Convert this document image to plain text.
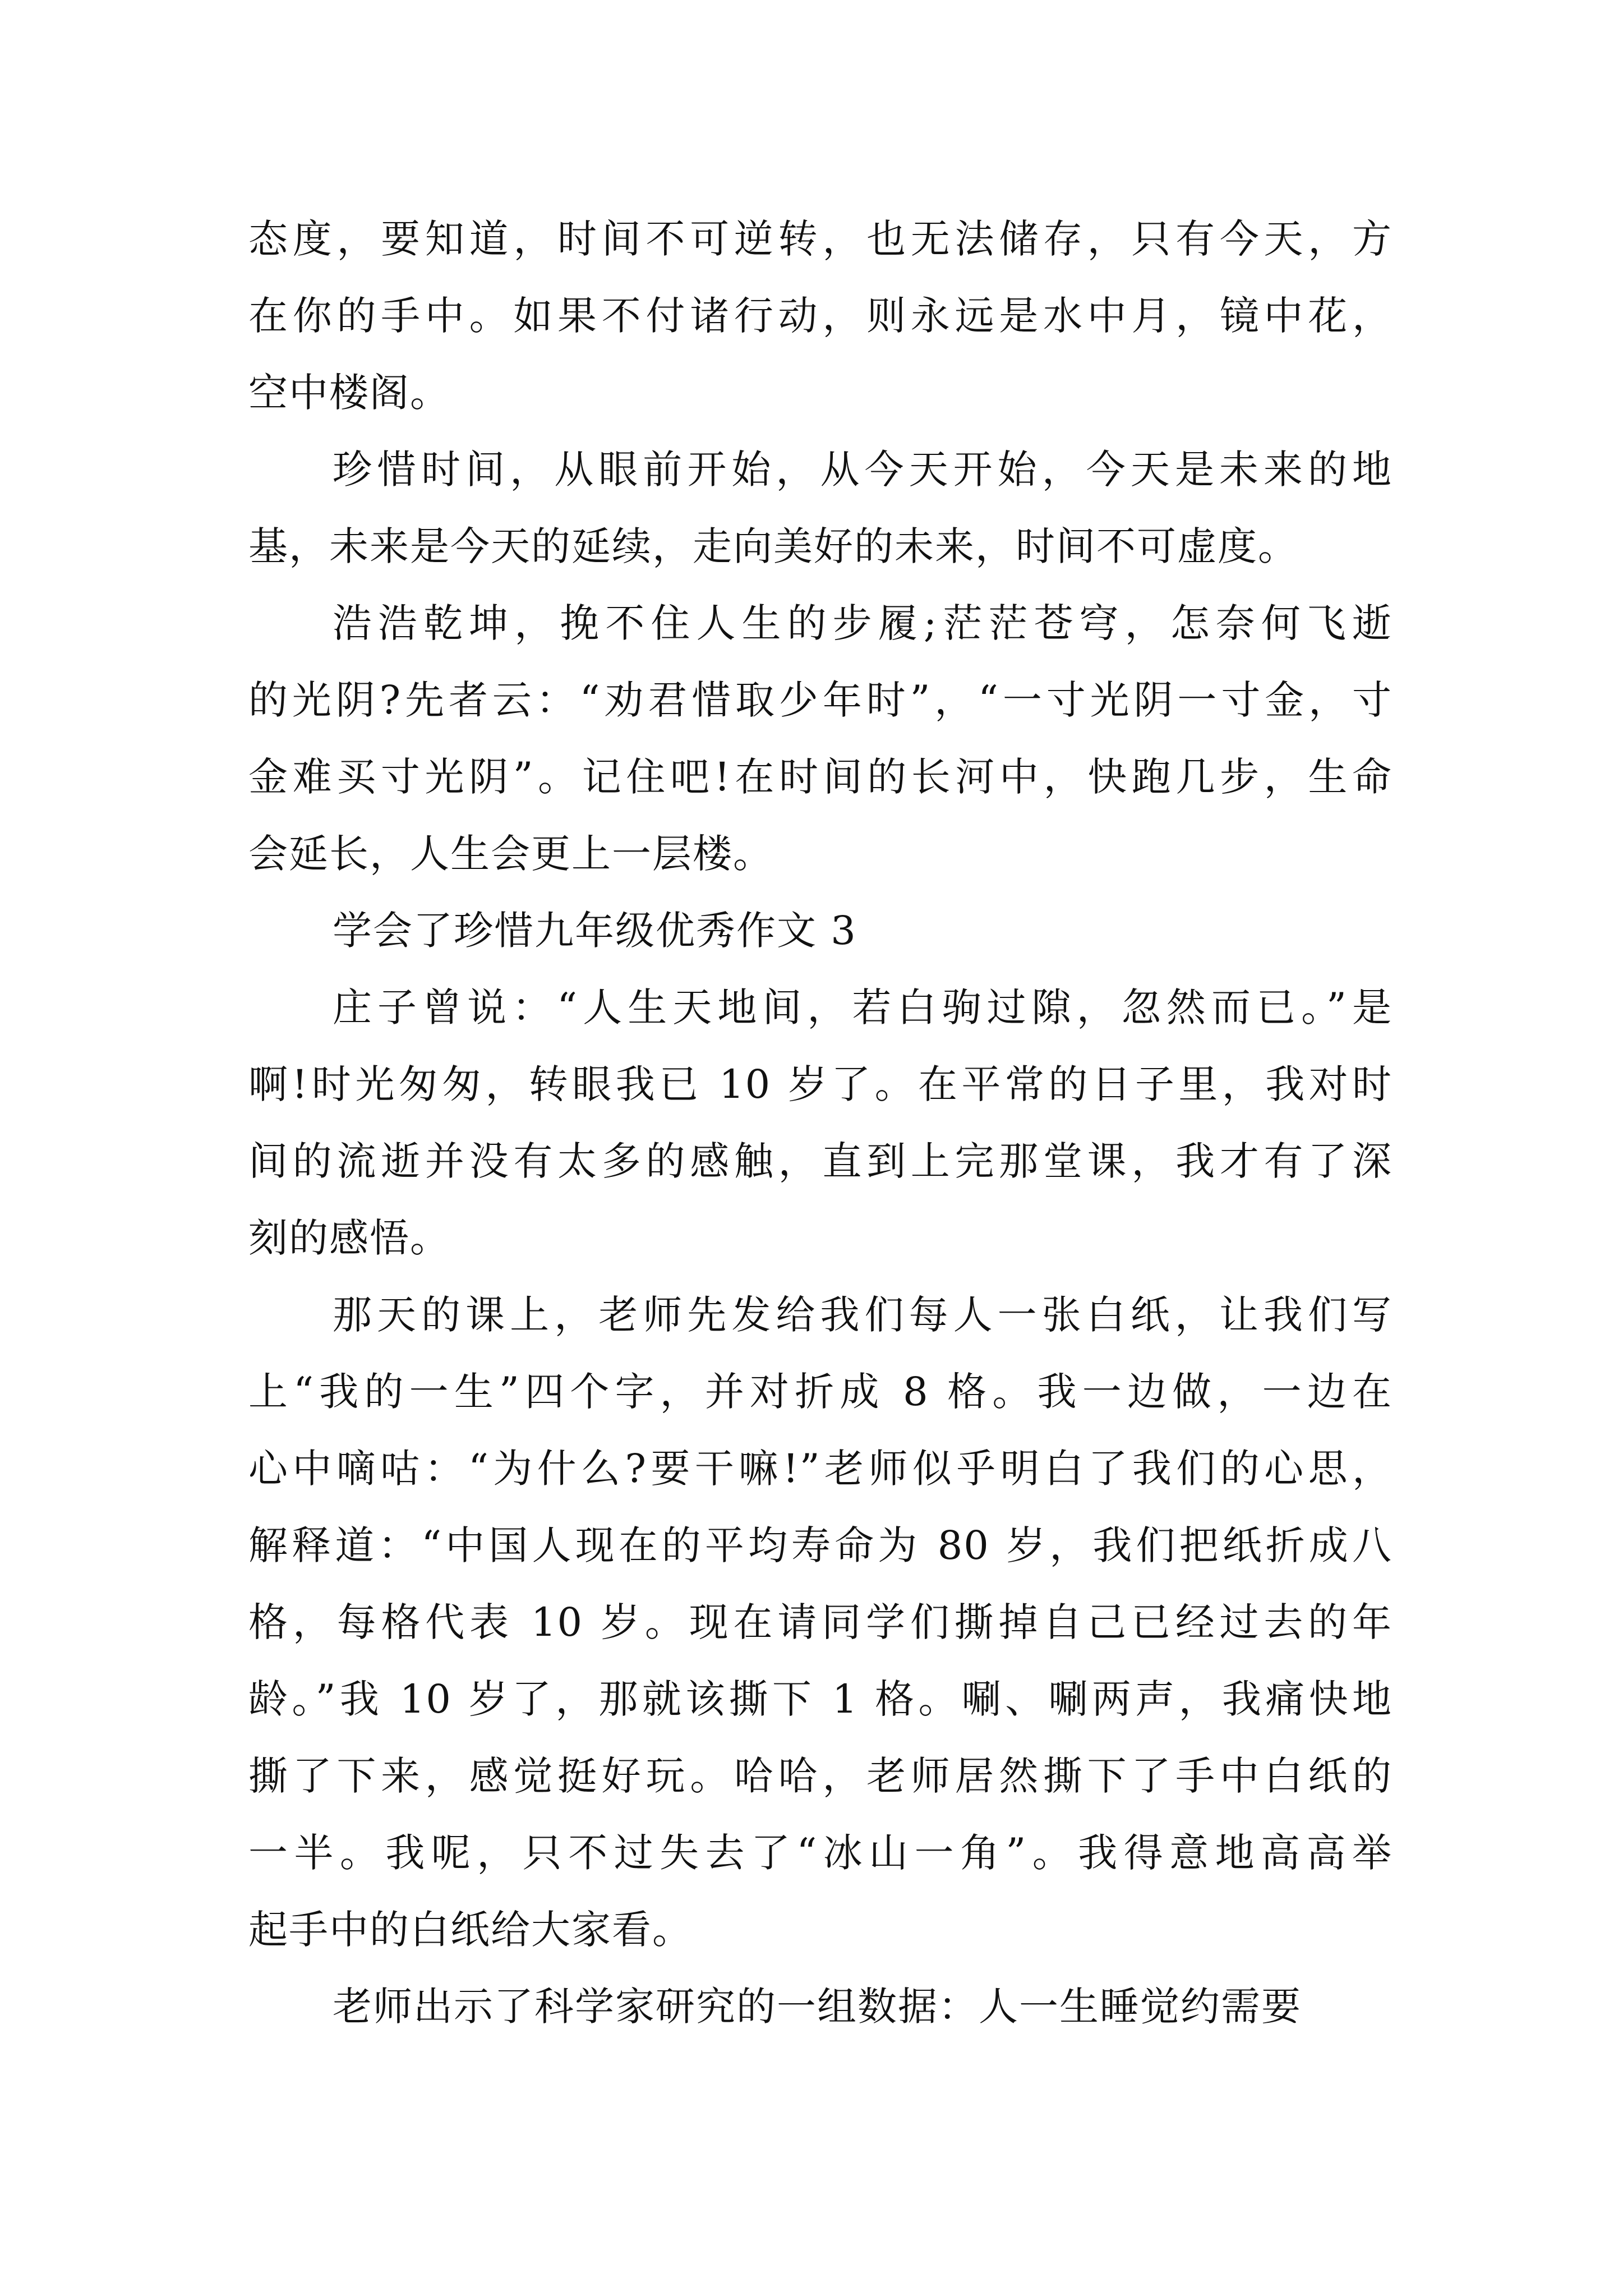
态度，要知道，时间不可逆转，也无法储存，只有今天，方
在你的手中。如果不付诸行动，则永远是水中月，镜中花，
空中楼阁。
珍惜时间，从眼前开始，从今天开始，今天是未来的地
基，未来是今天的延续，走向美好的未来，时间不可虚度。
浩浩乾坤，挽不住人生的步履;茫茫苍穹，怎奈何飞逝
的光阴?先者云：“劝君惜取少年时”，“一寸光阴一寸金，寸
金难买寸光阴”。记住吧!在时间的长河中，快跑几步，生命
会延长，人生会更上一层楼。
学会了珍惜九年级优秀作文 3
庄子曾说：“人生天地间，若白驹过隙，忽然而已。”是
啊!时光匆匆，转眼我已 10 岁了。在平常的日子里，我对时
间的流逝并没有太多的感触，直到上完那堂课，我才有了深
刻的感悟。
那天的课上，老师先发给我们每人一张白纸，让我们写
上“我的一生”四个字，并对折成 8 格。我一边做，一边在
心中嘀咕：“为什么?要干嘛!”老师似乎明白了我们的心思，
解释道：“中国人现在的平均寿命为 80 岁，我们把纸折成八
格，每格代表 10 岁。现在请同学们撕掉自己已经过去的年
龄。”我 10 岁了，那就该撕下 1 格。唰、唰两声，我痛快地
撕了下来，感觉挺好玩。哈哈，老师居然撕下了手中白纸的
一半。我呢，只不过失去了“冰山一角”。我得意地高高举
起手中的白纸给大家看。
老师出示了科学家研究的一组数据：人一生睡觉约需要
